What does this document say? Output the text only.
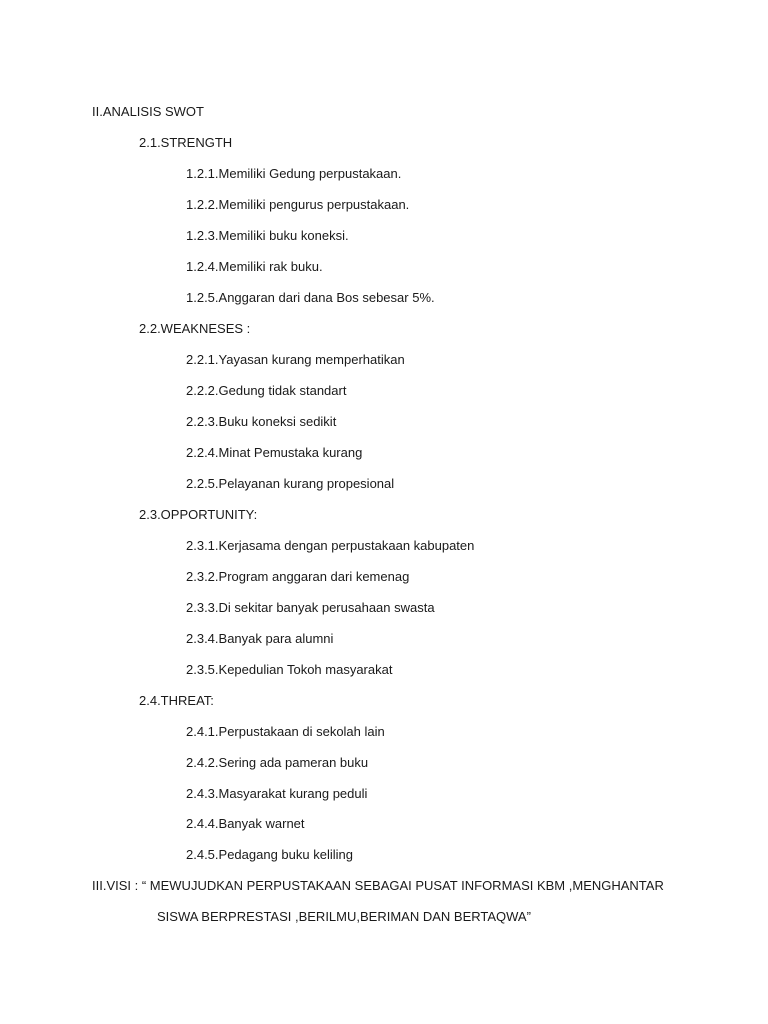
II.ANALISIS SWOT
2.1.STRENGTH
1.2.1.Memiliki Gedung perpustakaan.
1.2.2.Memiliki pengurus perpustakaan.
1.2.3.Memiliki buku koneksi.
1.2.4.Memiliki rak buku.
1.2.5.Anggaran dari dana Bos sebesar 5%.
2.2.WEAKNESES :
2.2.1.Yayasan kurang memperhatikan
2.2.2.Gedung tidak standart
2.2.3.Buku koneksi sedikit
2.2.4.Minat Pemustaka kurang
2.2.5.Pelayanan kurang propesional
2.3.OPPORTUNITY:
2.3.1.Kerjasama dengan perpustakaan kabupaten
2.3.2.Program anggaran dari kemenag
2.3.3.Di sekitar banyak perusahaan swasta
2.3.4.Banyak para alumni
2.3.5.Kepedulian Tokoh masyarakat
2.4.THREAT:
2.4.1.Perpustakaan di sekolah lain
2.4.2.Sering ada pameran buku
2.4.3.Masyarakat kurang peduli
2.4.4.Banyak warnet
2.4.5.Pedagang buku keliling
III.VISI : “ MEWUJUDKAN PERPUSTAKAAN SEBAGAI PUSAT INFORMASI KBM ,MENGHANTAR
SISWA BERPRESTASI ,BERILMU,BERIMAN DAN BERTAQWA”
